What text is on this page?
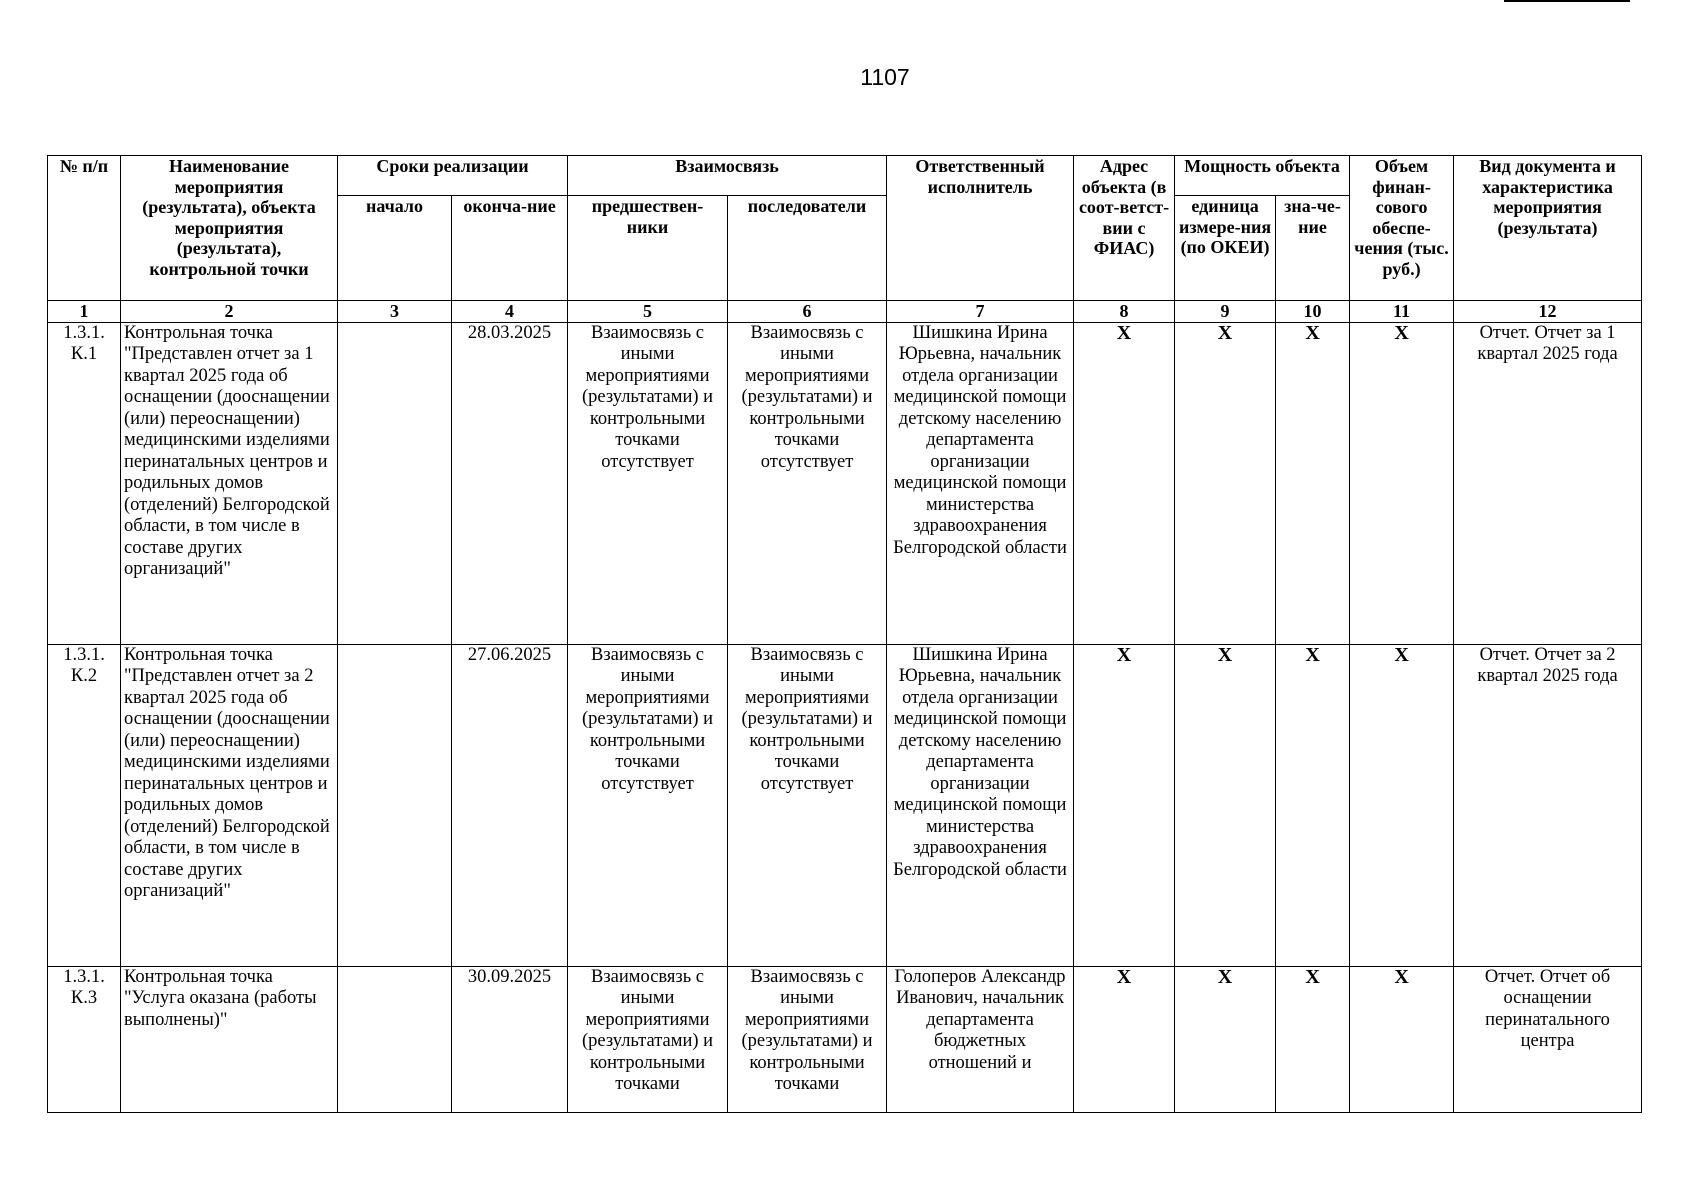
1107
№ п/п	Наименование мероприятия (результата), объекта мероприятия (результата), контрольной точки	Сроки реализации		Взаимосвязь		Ответственный исполнитель	Адрес объекта (в соот-ветст-вии с ФИАС)	Мощность объекта		Объем финан-сового обеспе-чения (тыс. руб.)	Вид документа и характеристика мероприятия (результата)
		начало	оконча-ние	предшествен-ники	последователи			единица измере-ния (по ОКЕИ)	зна-че-ние		
1	2	3	4	5	6	7	8	9	10	11	12
1.3.1. К.1	Контрольная точка "Представлен отчет за 1 квартал 2025 года об оснащении (дооснащении (или) переоснащении) медицинскими изделиями перинатальных центров и родильных домов (отделений) Белгородской области, в том числе в составе других организаций"		28.03.2025	Взаимосвязь с иными мероприятиями (результатами) и контрольными точками отсутствует	Взаимосвязь с иными мероприятиями (результатами) и контрольными точками отсутствует	Шишкина Ирина Юрьевна, начальник отдела организации медицинской помощи детскому населению департамента организации медицинской помощи министерства здравоохранения Белгородской области	Х	Х	Х	Х	Отчет. Отчет за 1 квартал 2025 года
1.3.1. К.2	Контрольная точка "Представлен отчет за 2 квартал 2025 года об оснащении (дооснащении (или) переоснащении) медицинскими изделиями перинатальных центров и родильных домов (отделений) Белгородской области, в том числе в составе других организаций"		27.06.2025	Взаимосвязь с иными мероприятиями (результатами) и контрольными точками отсутствует	Взаимосвязь с иными мероприятиями (результатами) и контрольными точками отсутствует	Шишкина Ирина Юрьевна, начальник отдела организации медицинской помощи детскому населению департамента организации медицинской помощи министерства здравоохранения Белгородской области	Х	Х	Х	Х	Отчет. Отчет за 2 квартал 2025 года
1.3.1. К.3	Контрольная точка "Услуга оказана (работы выполнены)"		30.09.2025	Взаимосвязь с иными мероприятиями (результатами) и контрольными точками	Взаимосвязь с иными мероприятиями (результатами) и контрольными точками	Голоперов Александр Иванович, начальник департамента бюджетных отношений и	Х	Х	Х	Х	Отчет. Отчет об оснащении перинатального центра
